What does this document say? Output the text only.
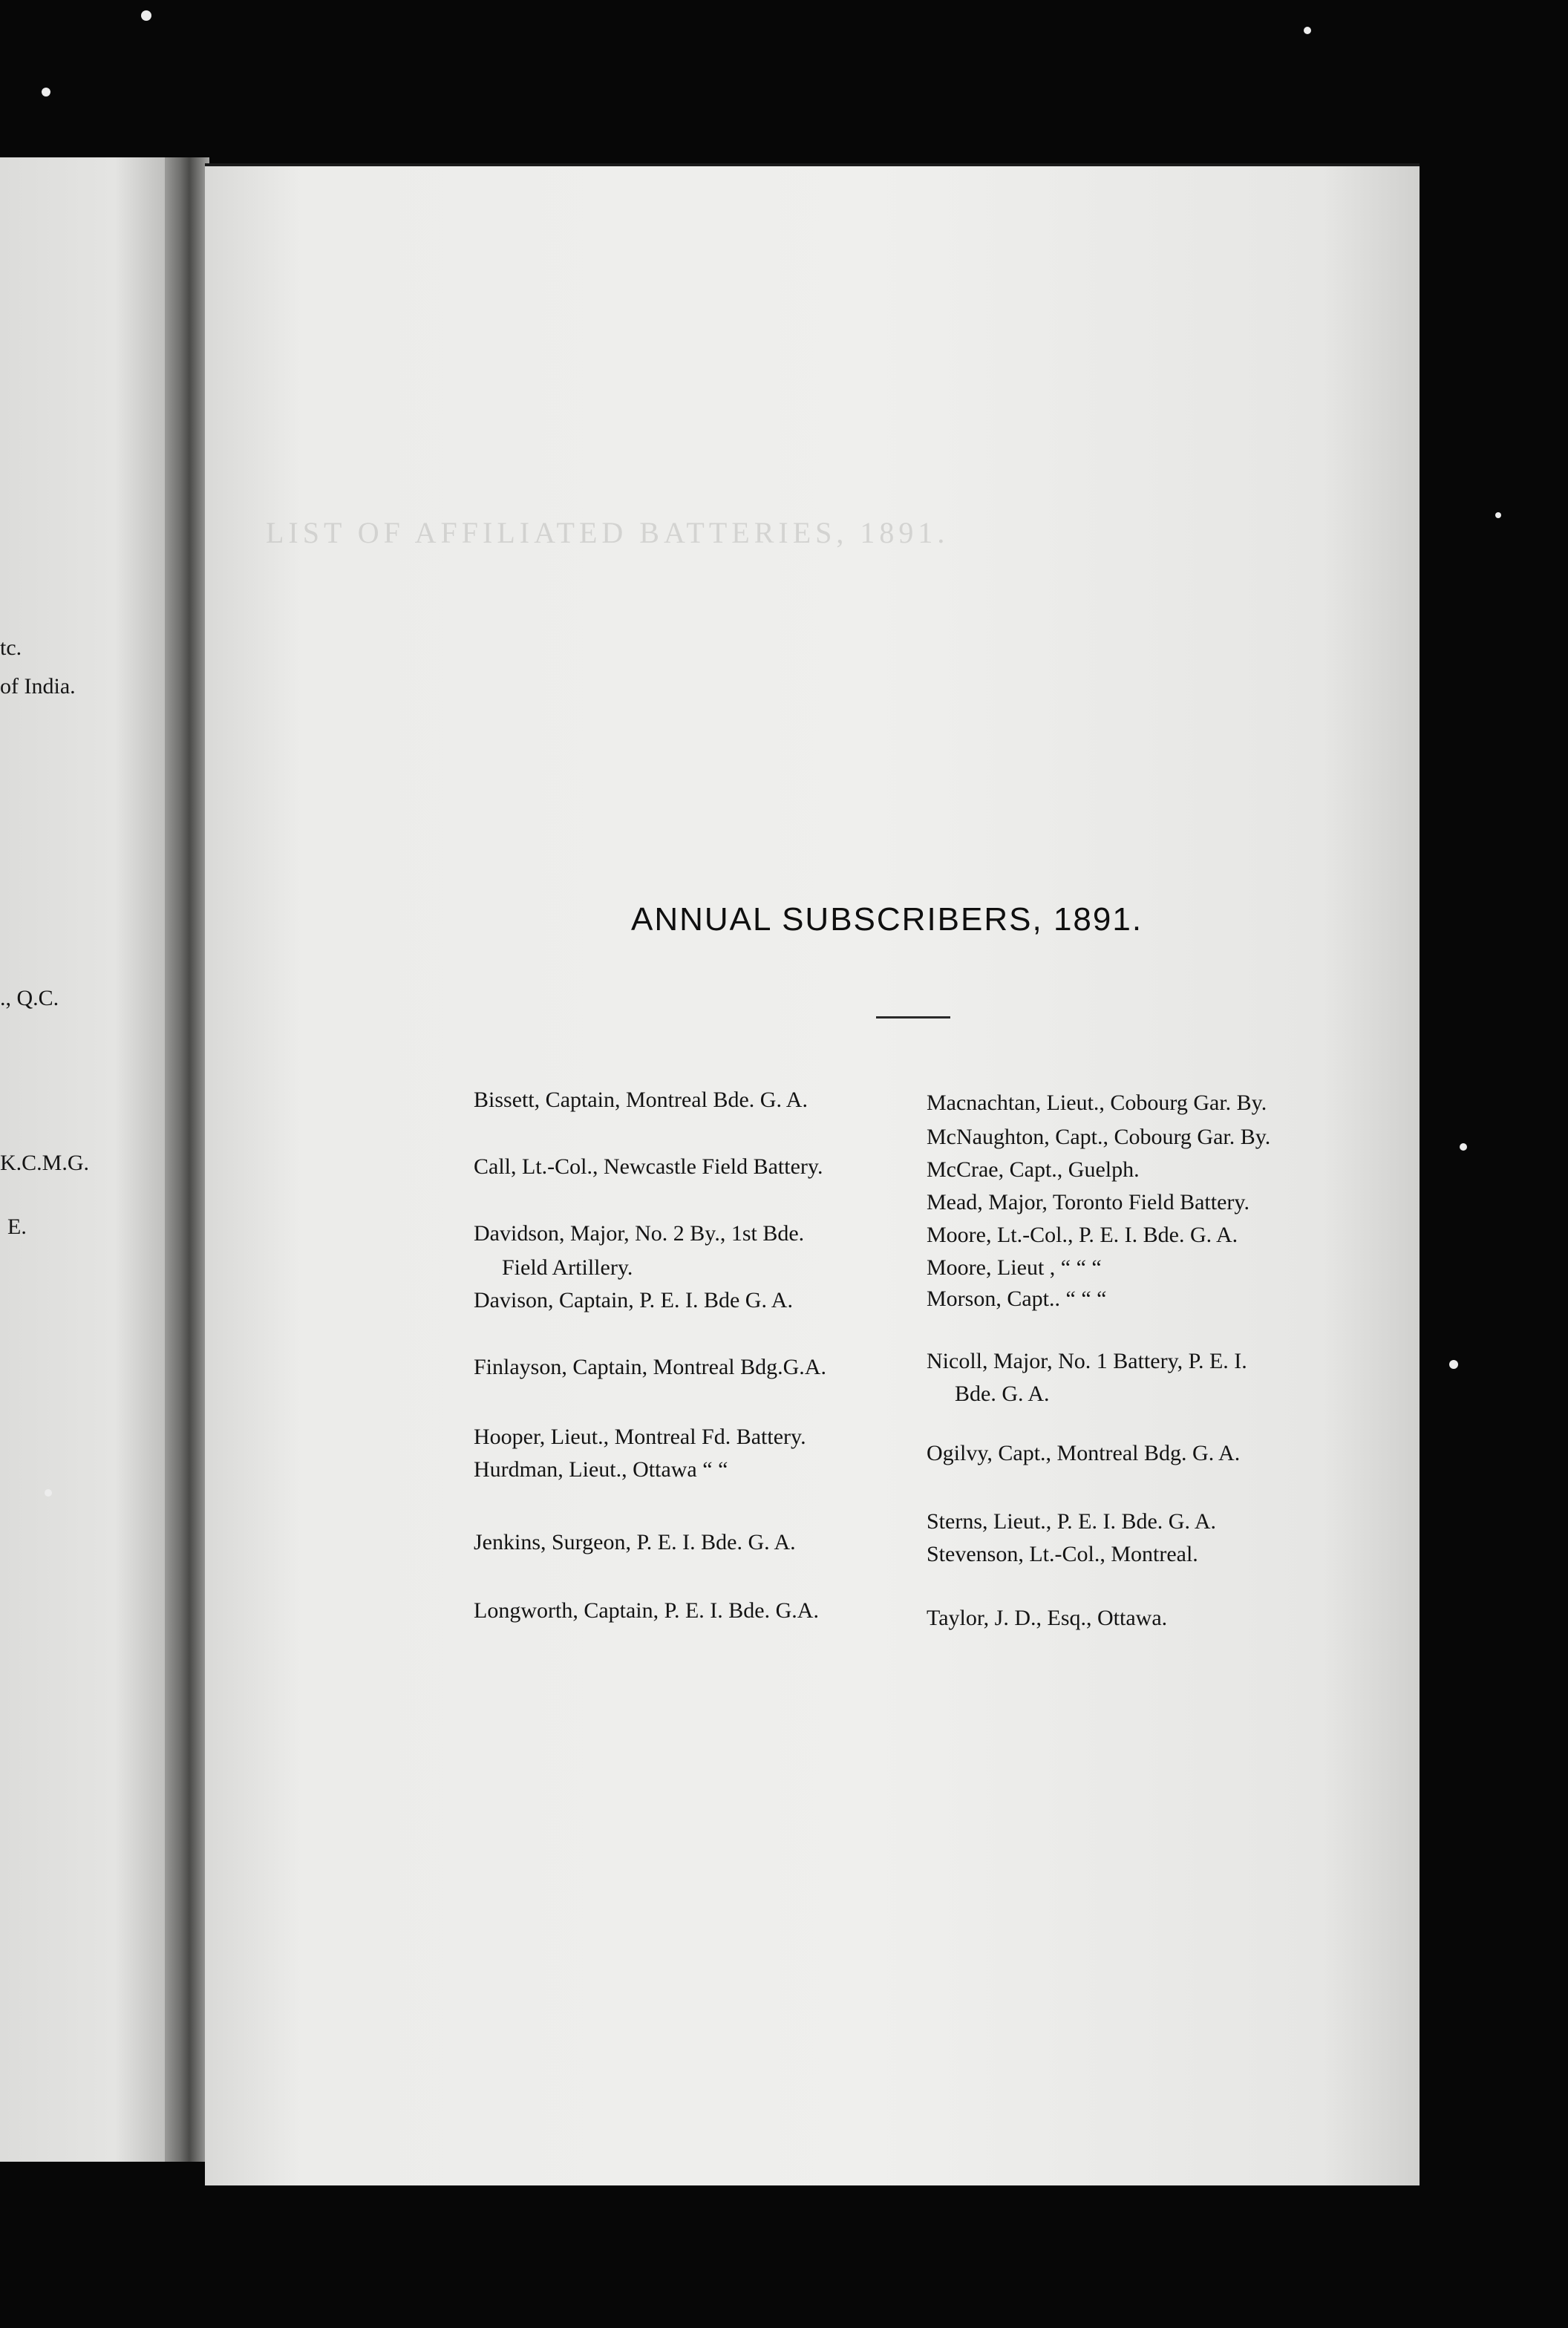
tc.
of India.
., Q.C.
K.C.M.G.
E.
LIST OF AFFILIATED BATTERIES, 1891.
ANNUAL SUBSCRIBERS, 1891.
Bissett, Captain, Montreal Bde. G. A.
Call, Lt.-Col., Newcastle Field Battery.
Davidson, Major, No. 2 By., 1st Bde.
Field Artillery.
Davison, Captain, P. E. I. Bde G. A.
Finlayson, Captain, Montreal Bdg.G.A.
Hooper, Lieut., Montreal Fd. Battery.
Hurdman, Lieut., Ottawa “ “
Jenkins, Surgeon, P. E. I. Bde. G. A.
Longworth, Captain, P. E. I. Bde. G.A.
Macnachtan, Lieut., Cobourg Gar. By.
McNaughton, Capt., Cobourg Gar. By.
McCrae, Capt., Guelph.
Mead, Major, Toronto Field Battery.
Moore, Lt.-Col., P. E. I. Bde. G. A.
Moore, Lieut , “ “ “
Morson, Capt.. “ “ “
Nicoll, Major, No. 1 Battery, P. E. I.
Bde. G. A.
Ogilvy, Capt., Montreal Bdg. G. A.
Sterns, Lieut., P. E. I. Bde. G. A.
Stevenson, Lt.-Col., Montreal.
Taylor, J. D., Esq., Ottawa.
